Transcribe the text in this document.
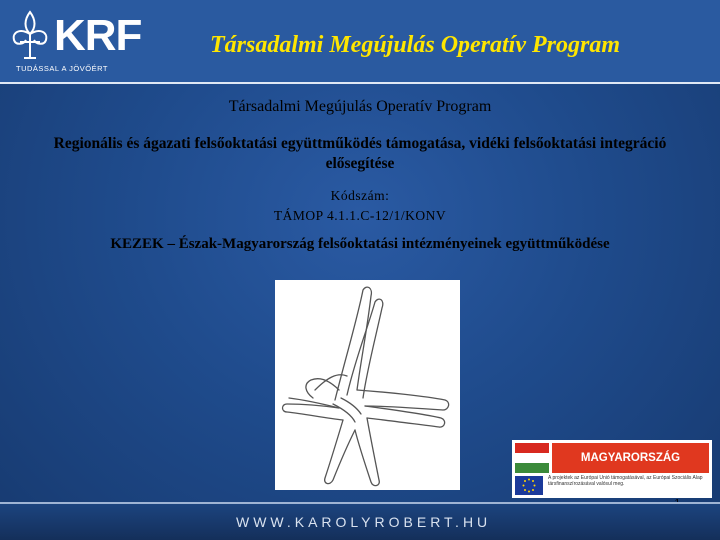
KRF
TUDÁSSAL A JÖVŐÉRT
Társadalmi Megújulás Operatív Program

Társadalmi Megújulás Operatív Program

Regionális és ágazati felsőoktatási együttműködés támogatása, vidéki felsőoktatási integráció elősegítése

Kódszám:

TÁMOP 4.1.1.C-12/1/KONV

KEZEK – Észak-Magyarország felsőoktatási intézményeinek együttműködése

MAGYARORSZÁG MEGÚJUL
A projektek az Európai Unió támogatásával, az Európai Szociális Alap társfinanszírozásával valósul meg.
WWW.KAROLYROBERT.HU
